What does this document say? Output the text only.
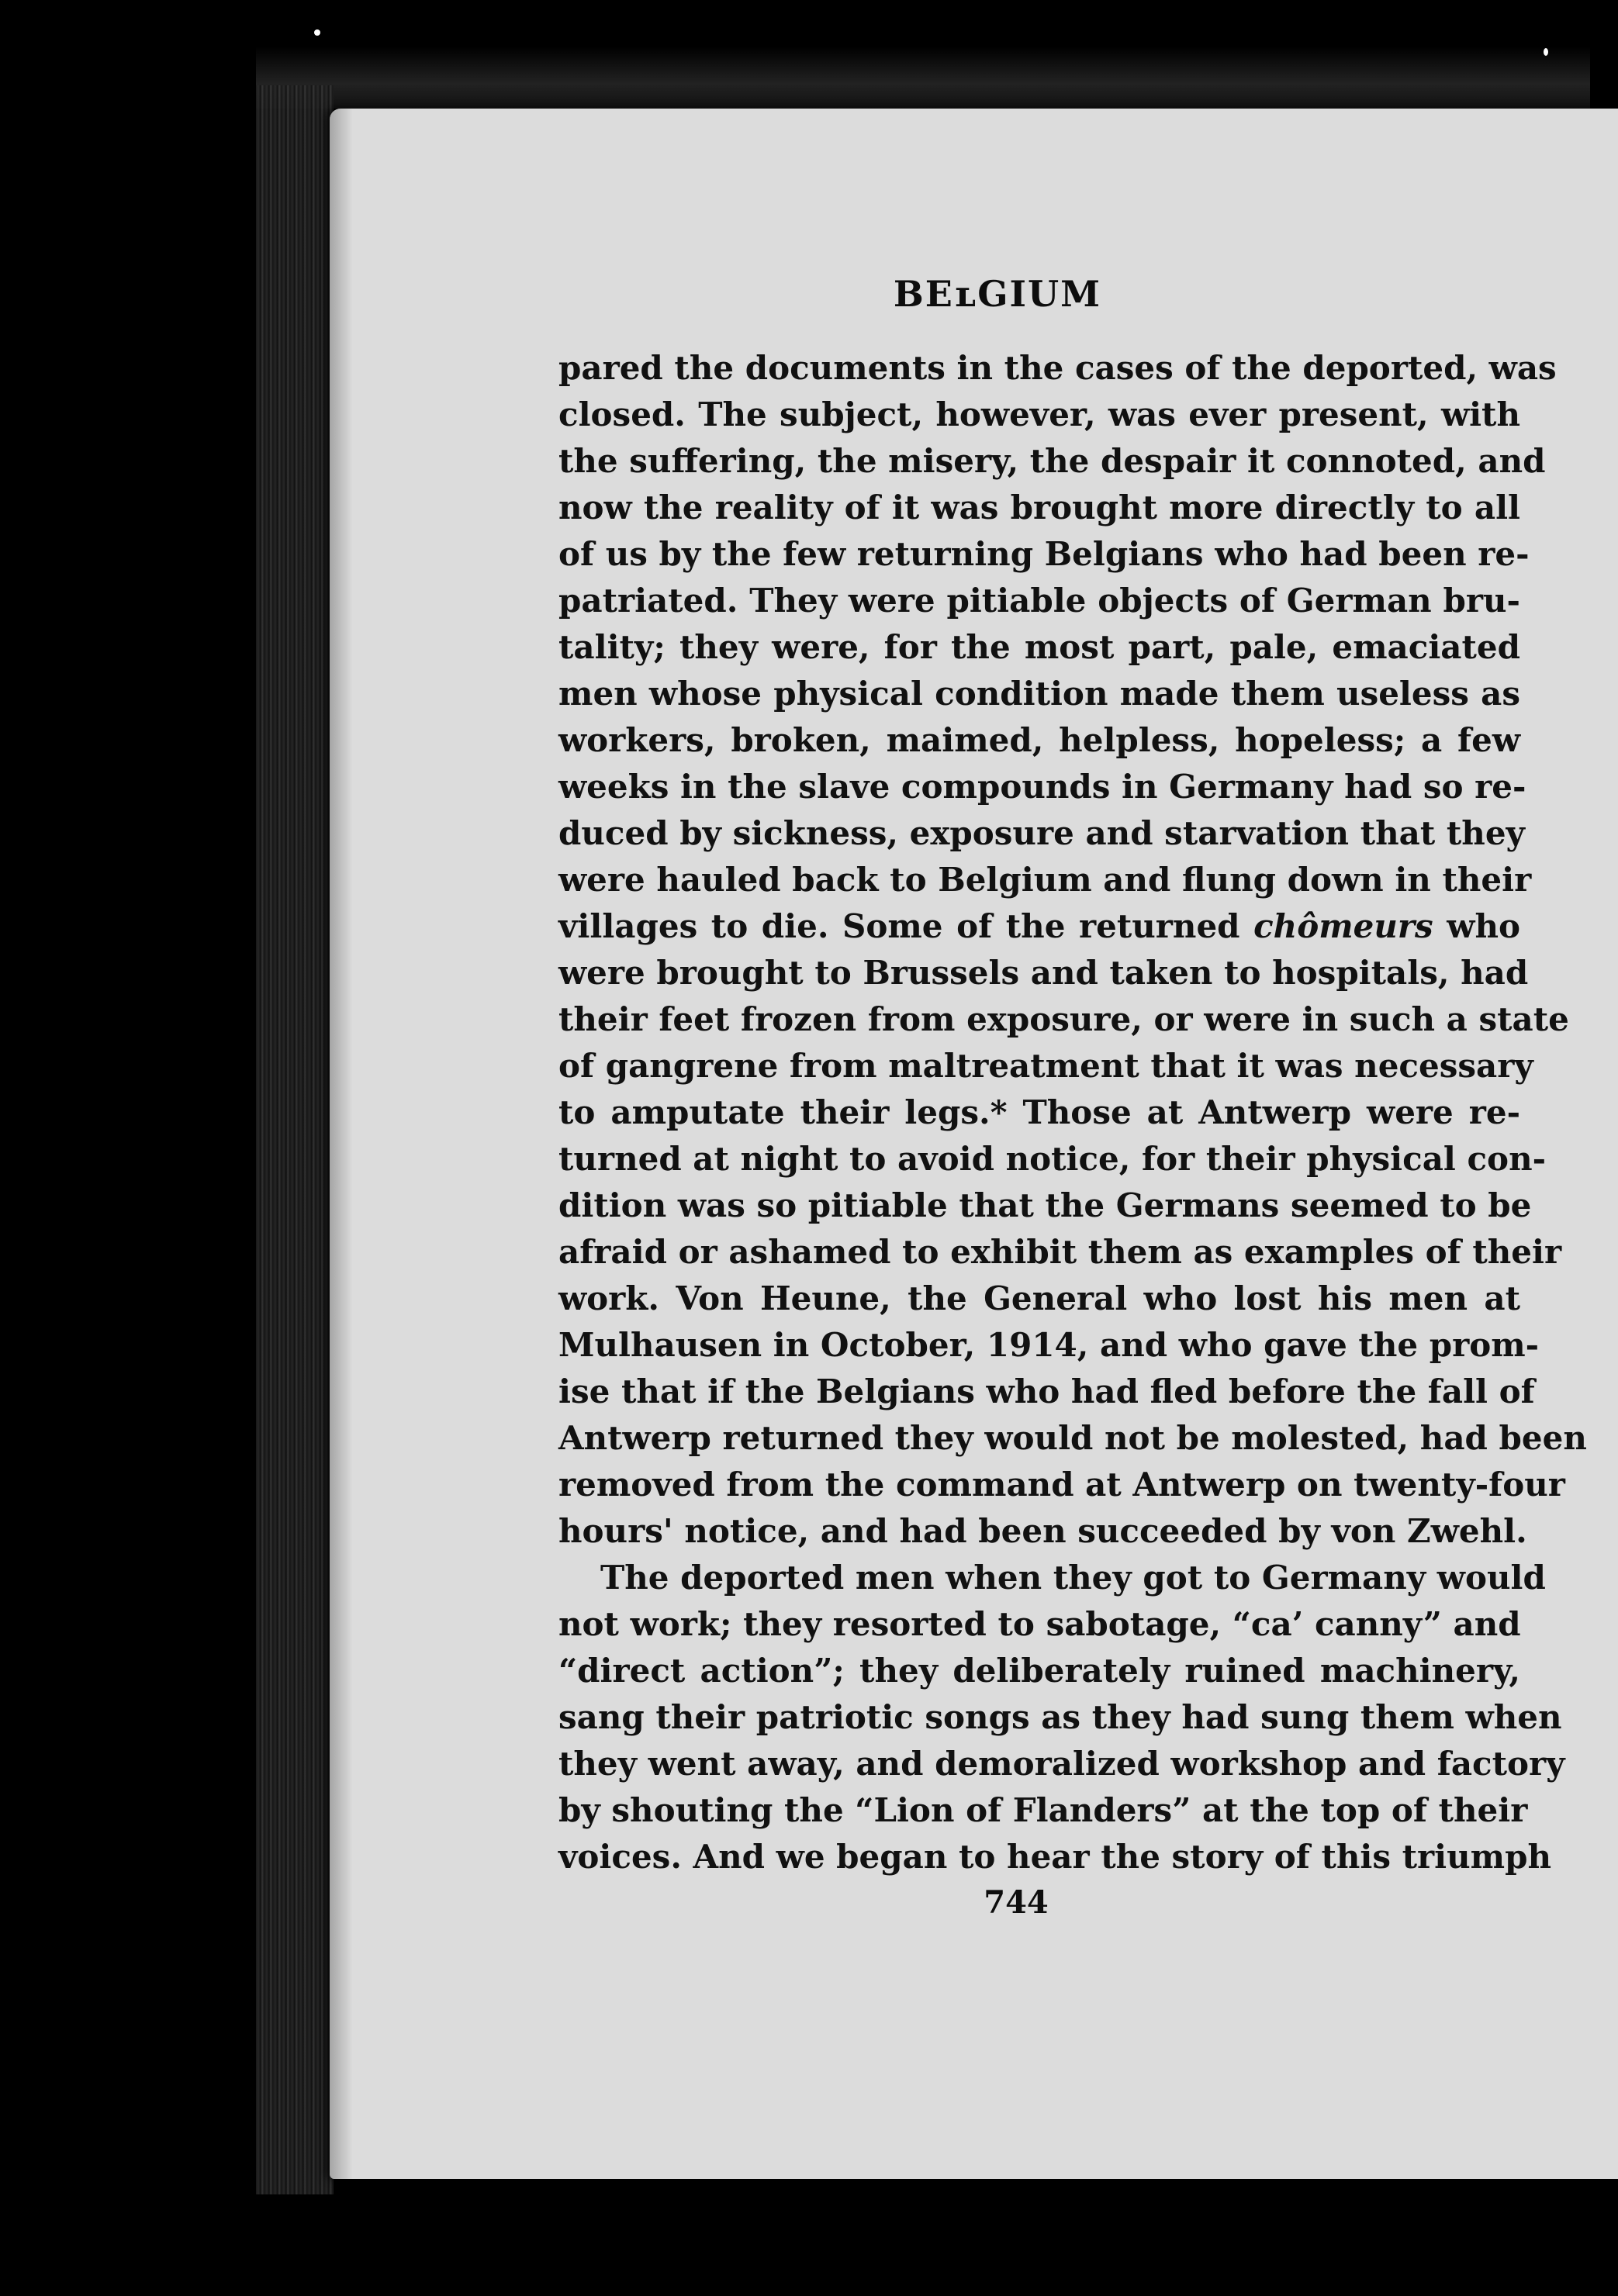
BEʟGIUM
pared the documents in the cases of the deported, was
closed. The subject, however, was ever present, with
the suffering, the misery, the despair it connoted, and
now the reality of it was brought more directly to all
of us by the few returning Belgians who had been re-
patriated. They were pitiable objects of German bru-
tality; they were, for the most part, pale, emaciated
men whose physical condition made them useless as
workers, broken, maimed, helpless, hopeless; a few
weeks in the slave compounds in Germany had so re-
duced by sickness, exposure and starvation that they
were hauled back to Belgium and flung down in their
villages to die. Some of the returned chômeurs who
were brought to Brussels and taken to hospitals, had
their feet frozen from exposure, or were in such a state
of gangrene from maltreatment that it was necessary
to amputate their legs.* Those at Antwerp were re-
turned at night to avoid notice, for their physical con-
dition was so pitiable that the Germans seemed to be
afraid or ashamed to exhibit them as examples of their
work. Von Heune, the General who lost his men at
Mulhausen in October, 1914, and who gave the prom-
ise that if the Belgians who had fled before the fall of
Antwerp returned they would not be molested, had been
removed from the command at Antwerp on twenty-four
hours' notice, and had been succeeded by von Zwehl.
The deported men when they got to Germany would
not work; they resorted to sabotage, “ca’ canny” and
“direct action”; they deliberately ruined machinery,
sang their patriotic songs as they had sung them when
they went away, and demoralized workshop and factory
by shouting the “Lion of Flanders” at the top of their
voices. And we began to hear the story of this triumph
744
